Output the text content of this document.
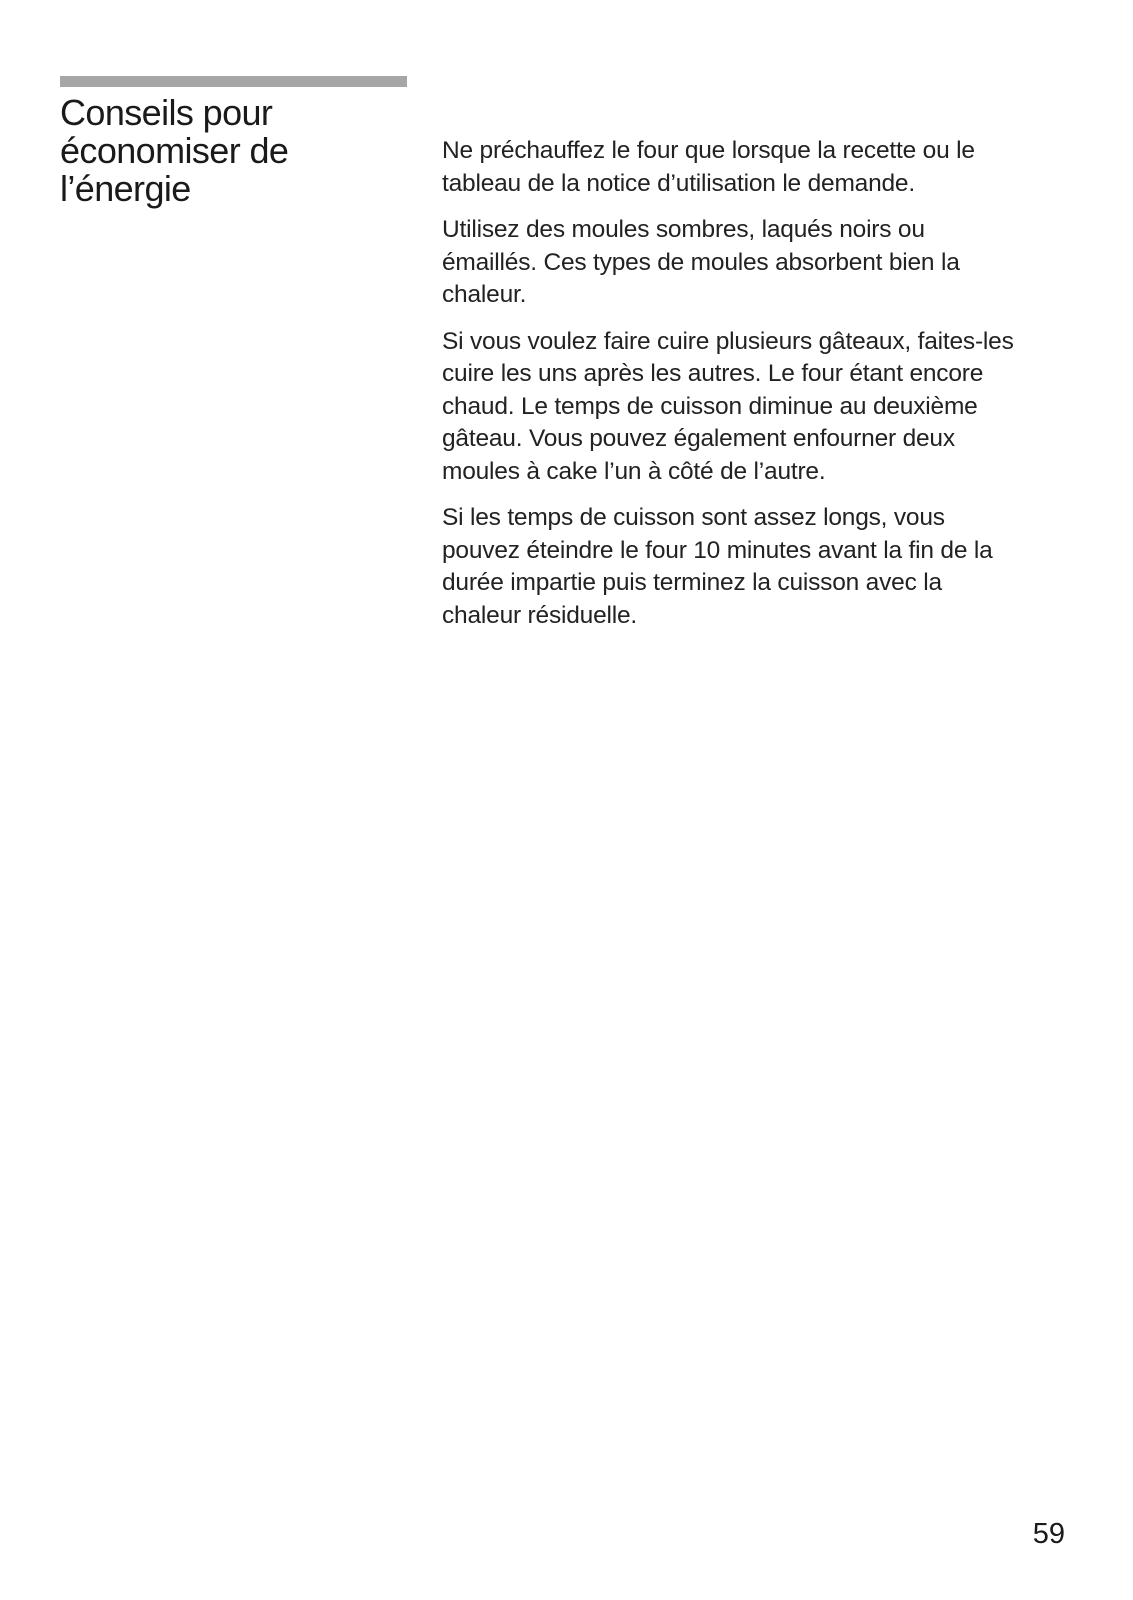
Conseils pour
économiser de
l’énergie

Ne préchauffez le four que lorsque la recette ou le
tableau de la notice d’utilisation le demande.

Utilisez des moules sombres, laqués noirs ou
émaillés. Ces types de moules absorbent bien la
chaleur.

Si vous voulez faire cuire plusieurs gâteaux, faites-les
cuire les uns après les autres. Le four étant encore
chaud. Le temps de cuisson diminue au deuxième
gâteau. Vous pouvez également enfourner deux
moules à cake l’un à côté de l’autre.

Si les temps de cuisson sont assez longs, vous
pouvez éteindre le four 10 minutes avant la fin de la
durée impartie puis terminez la cuisson avec la
chaleur résiduelle.

59
